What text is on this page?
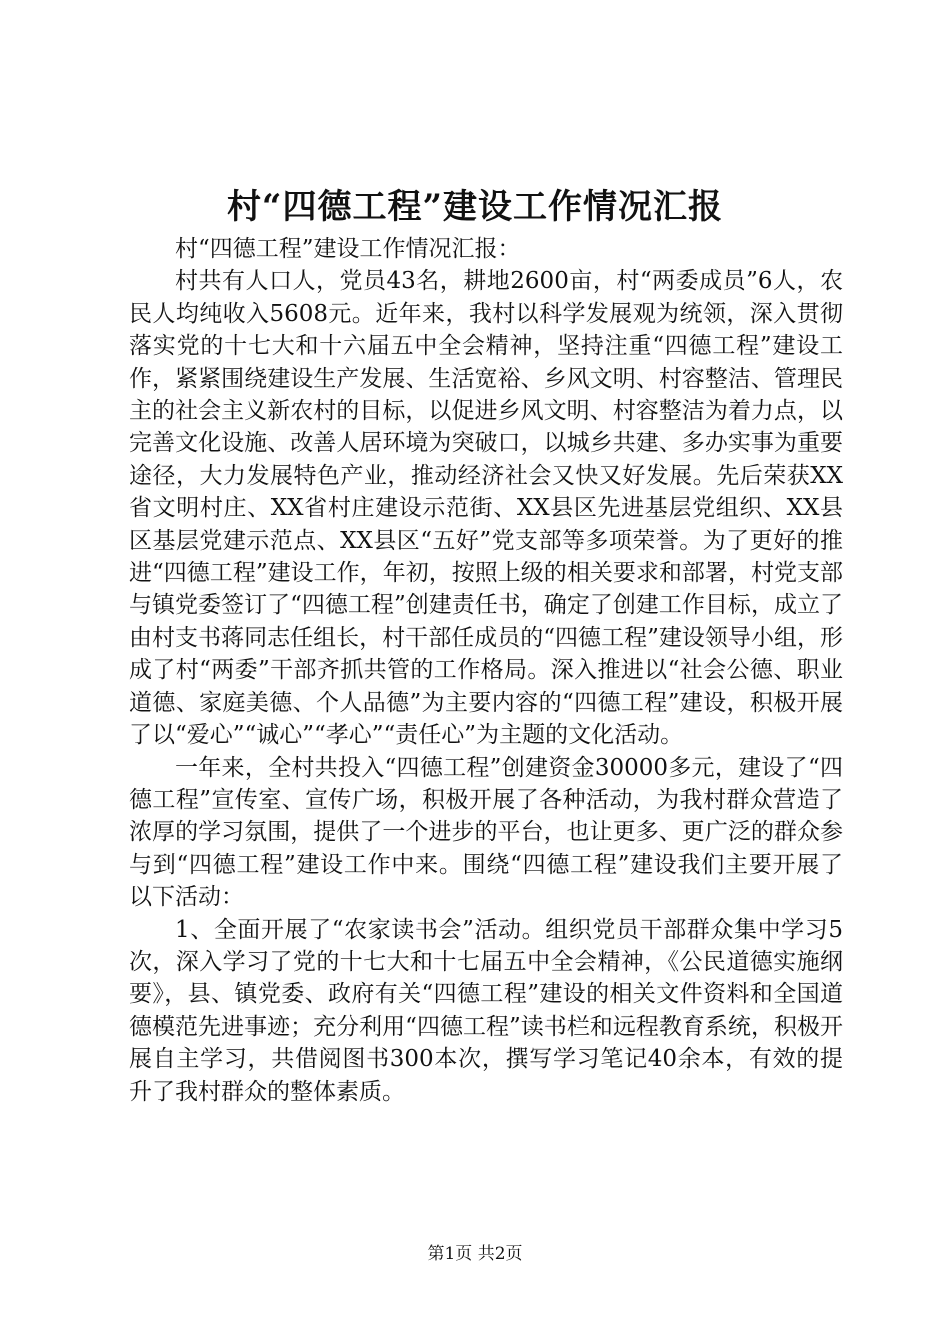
村“四德工程”建设工作情况汇报

村“四德工程”建设工作情况汇报：

村共有人口人，党员43名，耕地2600亩，村“两委成员”6人，农民人均纯收入5608元。近年来，我村以科学发展观为统领，深入贯彻落实党的十七大和十六届五中全会精神，坚持注重“四德工程”建设工作，紧紧围绕建设生产发展、生活宽裕、乡风文明、村容整洁、管理民主的社会主义新农村的目标，以促进乡风文明、村容整洁为着力点，以完善文化设施、改善人居环境为突破口，以城乡共建、多办实事为重要途径，大力发展特色产业，推动经济社会又快又好发展。先后荣获XX省文明村庄、XX省村庄建设示范街、XX县区先进基层党组织、XX县区基层党建示范点、XX县区“五好”党支部等多项荣誉。为了更好的推进“四德工程”建设工作，年初，按照上级的相关要求和部署，村党支部与镇党委签订了“四德工程”创建责任书，确定了创建工作目标，成立了由村支书蒋同志任组长，村干部任成员的“四德工程”建设领导小组，形成了村“两委”干部齐抓共管的工作格局。深入推进以“社会公德、职业道德、家庭美德、个人品德”为主要内容的“四德工程”建设，积极开展了以“爱心”“诚心”“孝心”“责任心”为主题的文化活动。

一年来，全村共投入“四德工程”创建资金30000多元，建设了“四德工程”宣传室、宣传广场，积极开展了各种活动，为我村群众营造了浓厚的学习氛围，提供了一个进步的平台，也让更多、更广泛的群众参与到“四德工程”建设工作中来。围绕“四德工程”建设我们主要开展了以下活动：

1、全面开展了“农家读书会”活动。组织党员干部群众集中学习5次，深入学习了党的十七大和十七届五中全会精神，《公民道德实施纲要》，县、镇党委、政府有关“四德工程”建设的相关文件资料和全国道德模范先进事迹；充分利用“四德工程”读书栏和远程教育系统，积极开展自主学习，共借阅图书300本次，撰写学习笔记40余本，有效的提升了我村群众的整体素质。

第1页 共2页
